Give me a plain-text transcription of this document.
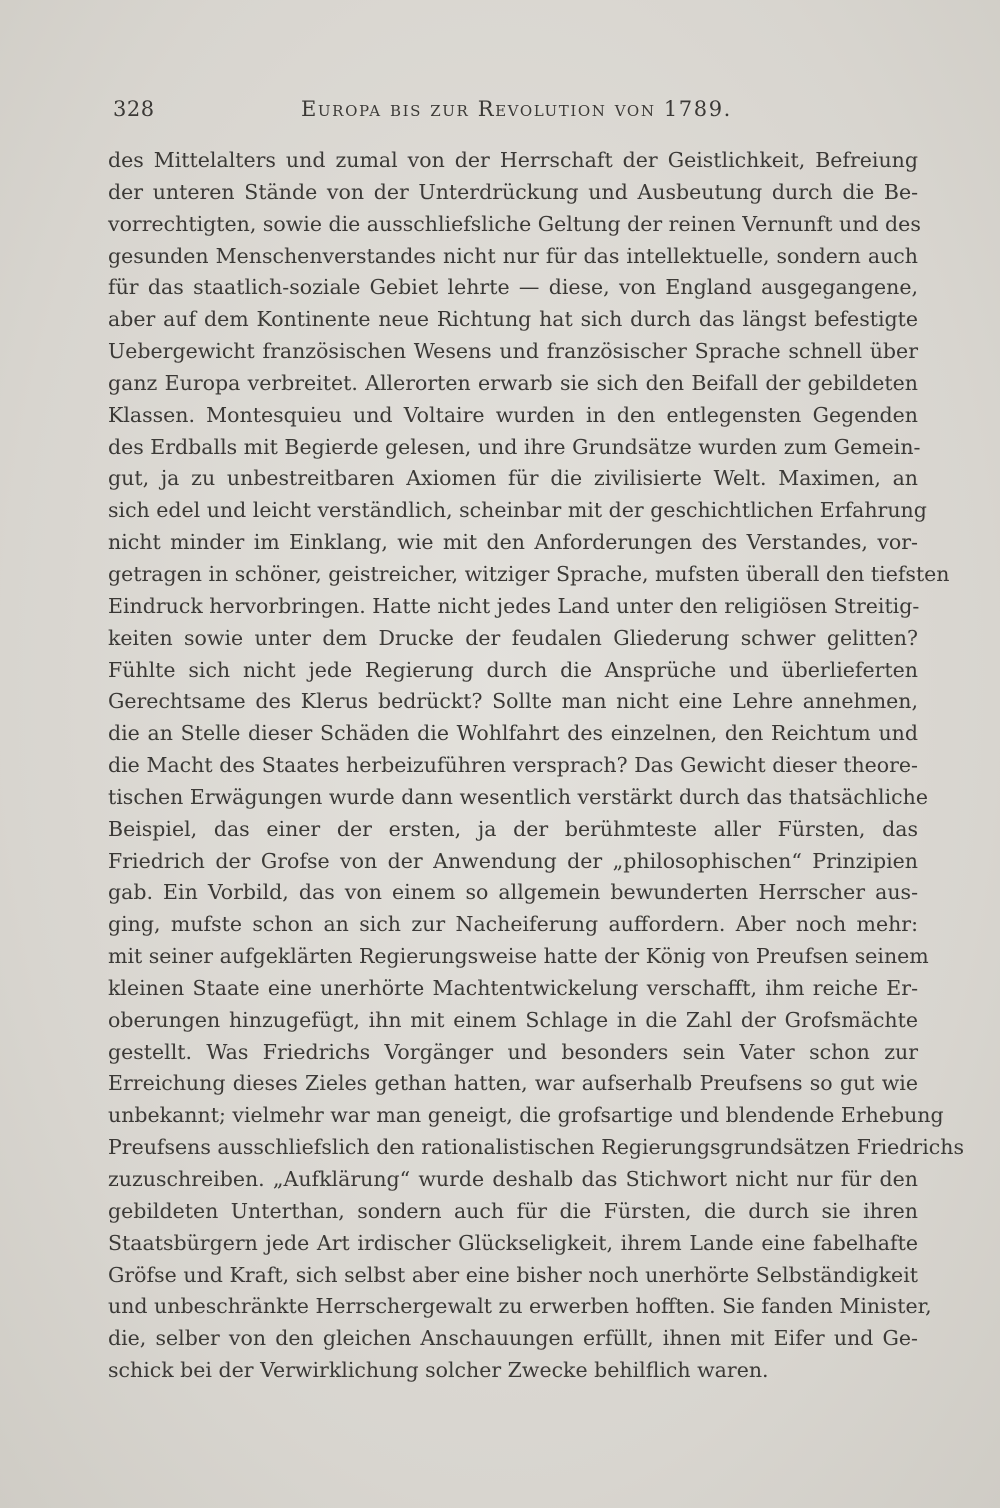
328	Europa bis zur Revolution von 1789.
des Mittelalters und zumal von der Herrschaft der Geistlichkeit, Befreiung
der unteren Stände von der Unterdrückung und Ausbeutung durch die Be-
vorrechtigten, sowie die ausschliefsliche Geltung der reinen Vernunft und des
gesunden Menschenverstandes nicht nur für das intellektuelle, sondern auch
für das staatlich-soziale Gebiet lehrte — diese, von England ausgegangene,
aber auf dem Kontinente neue Richtung hat sich durch das längst befestigte
Uebergewicht französischen Wesens und französischer Sprache schnell über
ganz Europa verbreitet. Allerorten erwarb sie sich den Beifall der gebildeten
Klassen. Montesquieu und Voltaire wurden in den entlegensten Gegenden
des Erdballs mit Begierde gelesen, und ihre Grundsätze wurden zum Gemein-
gut, ja zu unbestreitbaren Axiomen für die zivilisierte Welt. Maximen, an
sich edel und leicht verständlich, scheinbar mit der geschichtlichen Erfahrung
nicht minder im Einklang, wie mit den Anforderungen des Verstandes, vor-
getragen in schöner, geistreicher, witziger Sprache, mufsten überall den tiefsten
Eindruck hervorbringen. Hatte nicht jedes Land unter den religiösen Streitig-
keiten sowie unter dem Drucke der feudalen Gliederung schwer gelitten?
Fühlte sich nicht jede Regierung durch die Ansprüche und überlieferten
Gerechtsame des Klerus bedrückt? Sollte man nicht eine Lehre annehmen,
die an Stelle dieser Schäden die Wohlfahrt des einzelnen, den Reichtum und
die Macht des Staates herbeizuführen versprach? Das Gewicht dieser theore-
tischen Erwägungen wurde dann wesentlich verstärkt durch das thatsächliche
Beispiel, das einer der ersten, ja der berühmteste aller Fürsten, das
Friedrich der Grofse von der Anwendung der „philosophischen“ Prinzipien
gab. Ein Vorbild, das von einem so allgemein bewunderten Herrscher aus-
ging, mufste schon an sich zur Nacheiferung auffordern. Aber noch mehr:
mit seiner aufgeklärten Regierungsweise hatte der König von Preufsen seinem
kleinen Staate eine unerhörte Machtentwickelung verschafft, ihm reiche Er-
oberungen hinzugefügt, ihn mit einem Schlage in die Zahl der Grofsmächte
gestellt. Was Friedrichs Vorgänger und besonders sein Vater schon zur
Erreichung dieses Zieles gethan hatten, war aufserhalb Preufsens so gut wie
unbekannt; vielmehr war man geneigt, die grofsartige und blendende Erhebung
Preufsens ausschliefslich den rationalistischen Regierungsgrundsätzen Friedrichs
zuzuschreiben. „Aufklärung“ wurde deshalb das Stichwort nicht nur für den
gebildeten Unterthan, sondern auch für die Fürsten, die durch sie ihren
Staatsbürgern jede Art irdischer Glückseligkeit, ihrem Lande eine fabelhafte
Gröfse und Kraft, sich selbst aber eine bisher noch unerhörte Selbständigkeit
und unbeschränkte Herrschergewalt zu erwerben hofften. Sie fanden Minister,
die, selber von den gleichen Anschauungen erfüllt, ihnen mit Eifer und Ge-
schick bei der Verwirklichung solcher Zwecke behilflich waren.
